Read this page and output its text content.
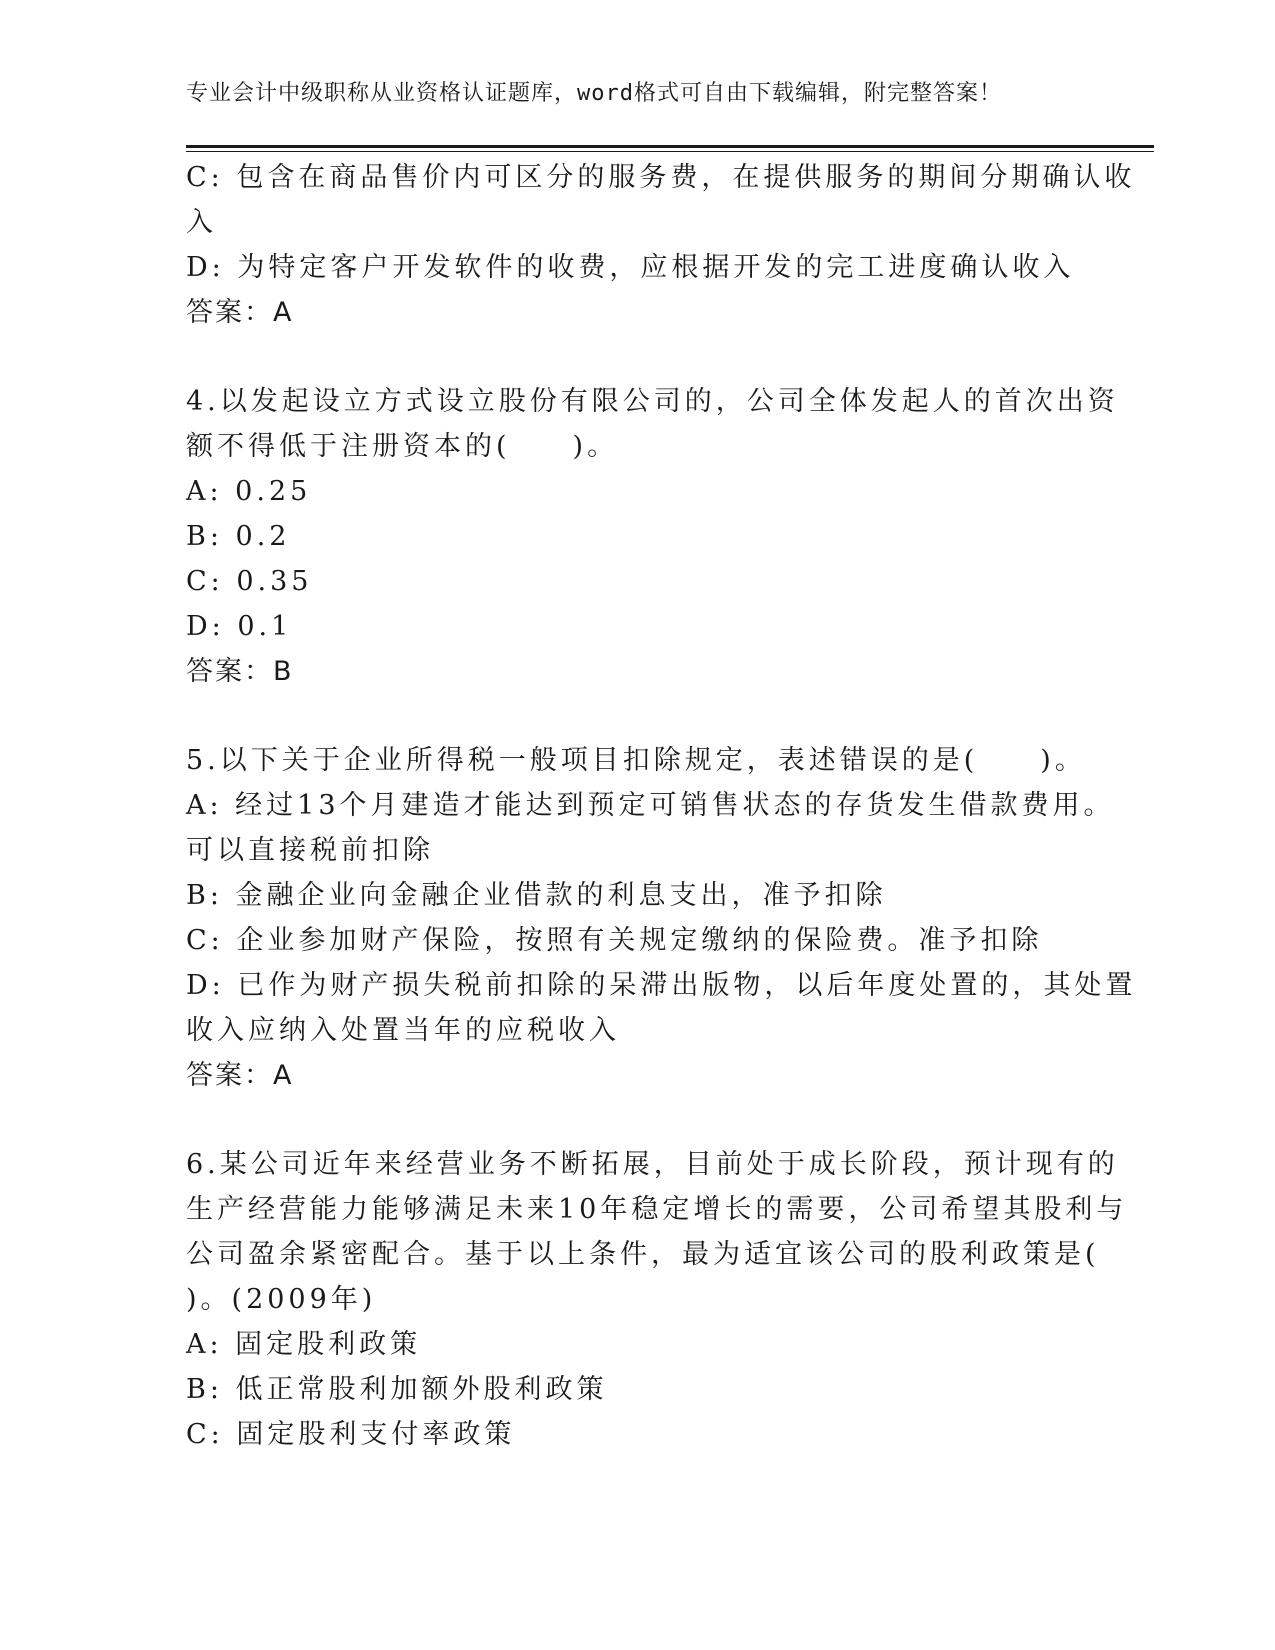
专业会计中级职称从业资格认证题库，word格式可自由下载编辑，附完整答案！
C: 包含在商品售价内可区分的服务费，在提供服务的期间分期确认收
入
D: 为特定客户开发软件的收费，应根据开发的完工进度确认收入
答案：A
4.以发起设立方式设立股份有限公司的，公司全体发起人的首次出资
额不得低于注册资本的(　　)。
A: 0.25
B: 0.2
C: 0.35
D: 0.1
答案：B
5.以下关于企业所得税一般项目扣除规定，表述错误的是(　　)。
A: 经过13个月建造才能达到预定可销售状态的存货发生借款费用。
可以直接税前扣除
B: 金融企业向金融企业借款的利息支出，准予扣除
C: 企业参加财产保险，按照有关规定缴纳的保险费。准予扣除
D: 已作为财产损失税前扣除的呆滞出版物，以后年度处置的，其处置
收入应纳入处置当年的应税收入
答案：A
6.某公司近年来经营业务不断拓展，目前处于成长阶段，预计现有的
生产经营能力能够满足未来10年稳定增长的需要，公司希望其股利与
公司盈余紧密配合。基于以上条件，最为适宜该公司的股利政策是(
)。(2009年)
A: 固定股利政策
B: 低正常股利加额外股利政策
C: 固定股利支付率政策
